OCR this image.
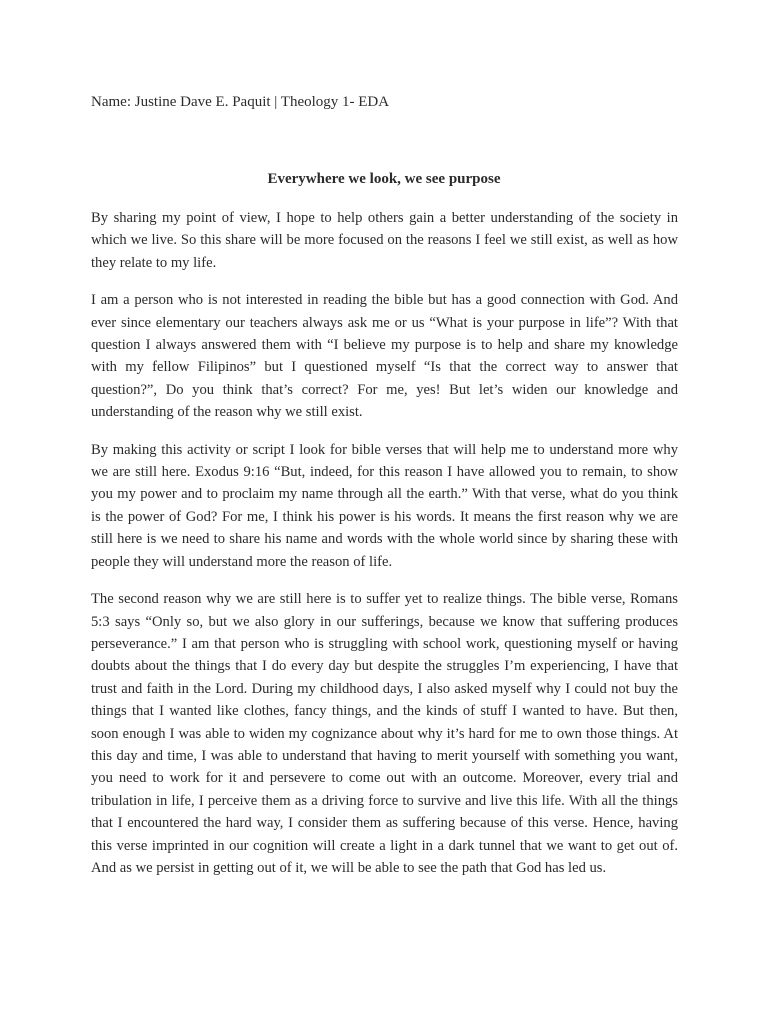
Name: Justine Dave E. Paquit | Theology 1- EDA
Everywhere we look, we see purpose

By sharing my point of view, I hope to help others gain a better understanding of the society in which we live. So this share will be more focused on the reasons I feel we still exist, as well as how they relate to my life.

I am a person who is not interested in reading the bible but has a good connection with God. And ever since elementary our teachers always ask me or us “What is your purpose in life”? With that question I always answered them with “I believe my purpose is to help and share my knowledge with my fellow Filipinos” but I questioned myself “Is that the correct way to answer that question?”, Do you think that’s correct? For me, yes! But let’s widen our knowledge and understanding of the reason why we still exist.

By making this activity or script I look for bible verses that will help me to understand more why we are still here. Exodus 9:16 “But, indeed, for this reason I have allowed you to remain, to show you my power and to proclaim my name through all the earth.” With that verse, what do you think is the power of God? For me, I think his power is his words. It means the first reason why we are still here is we need to share his name and words with the whole world since by sharing these with people they will understand more the reason of life.

The second reason why we are still here is to suffer yet to realize things. The bible verse, Romans 5:3 says “Only so, but we also glory in our sufferings, because we know that suffering produces perseverance.” I am that person who is struggling with school work, questioning myself or having doubts about the things that I do every day but despite the struggles I’m experiencing, I have that trust and faith in the Lord. During my childhood days, I also asked myself why I could not buy the things that I wanted like clothes, fancy things, and the kinds of stuff I wanted to have. But then, soon enough I was able to widen my cognizance about why it’s hard for me to own those things. At this day and time, I was able to understand that having to merit yourself with something you want, you need to work for it and persevere to come out with an outcome. Moreover, every trial and tribulation in life, I perceive them as a driving force to survive and live this life. With all the things that I encountered the hard way, I consider them as suffering because of this verse. Hence, having this verse imprinted in our cognition will create a light in a dark tunnel that we want to get out of. And as we persist in getting out of it, we will be able to see the path that God has led us.
